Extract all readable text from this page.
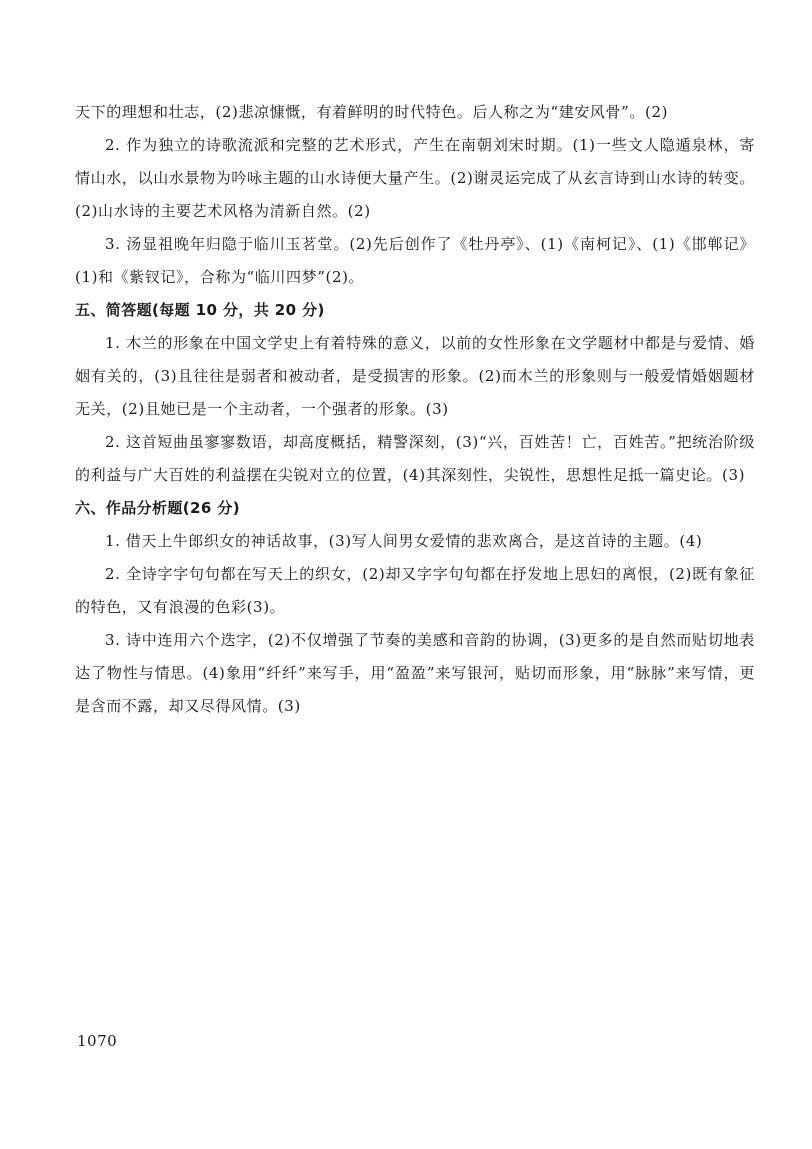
天下的理想和壮志，(2)悲凉慷慨，有着鲜明的时代特色。后人称之为“建安风骨”。(2)

2. 作为独立的诗歌流派和完整的艺术形式，产生在南朝刘宋时期。(1)一些文人隐遁泉林，寄情山水，以山水景物为吟咏主题的山水诗便大量产生。(2)谢灵运完成了从玄言诗到山水诗的转变。(2)山水诗的主要艺术风格为清新自然。(2)

3. 汤显祖晚年归隐于临川玉茗堂。(2)先后创作了《牡丹亭》、(1)《南柯记》、(1)《邯郸记》(1)和《紫钗记》，合称为“临川四梦”(2)。

五、简答题(每题 10 分，共 20 分)

1. 木兰的形象在中国文学史上有着特殊的意义，以前的女性形象在文学题材中都是与爱情、婚姻有关的，(3)且往往是弱者和被动者，是受损害的形象。(2)而木兰的形象则与一般爱情婚姻题材无关，(2)且她已是一个主动者，一个强者的形象。(3)

2. 这首短曲虽寥寥数语，却高度概括，精警深刻，(3)“兴，百姓苦！亡，百姓苦。”把统治阶级的利益与广大百姓的利益摆在尖锐对立的位置，(4)其深刻性，尖锐性，思想性足抵一篇史论。(3)

六、作品分析题(26 分)

1. 借天上牛郎织女的神话故事，(3)写人间男女爱情的悲欢离合，是这首诗的主题。(4)

2. 全诗字字句句都在写天上的织女，(2)却又字字句句都在抒发地上思妇的离恨，(2)既有象征的特色，又有浪漫的色彩(3)。

3. 诗中连用六个迭字，(2)不仅增强了节奏的美感和音韵的协调，(3)更多的是自然而贴切地表达了物性与情思。(4)象用“纤纤”来写手，用“盈盈”来写银河，贴切而形象，用“脉脉”来写情，更是含而不露，却又尽得风情。(3)

1070
